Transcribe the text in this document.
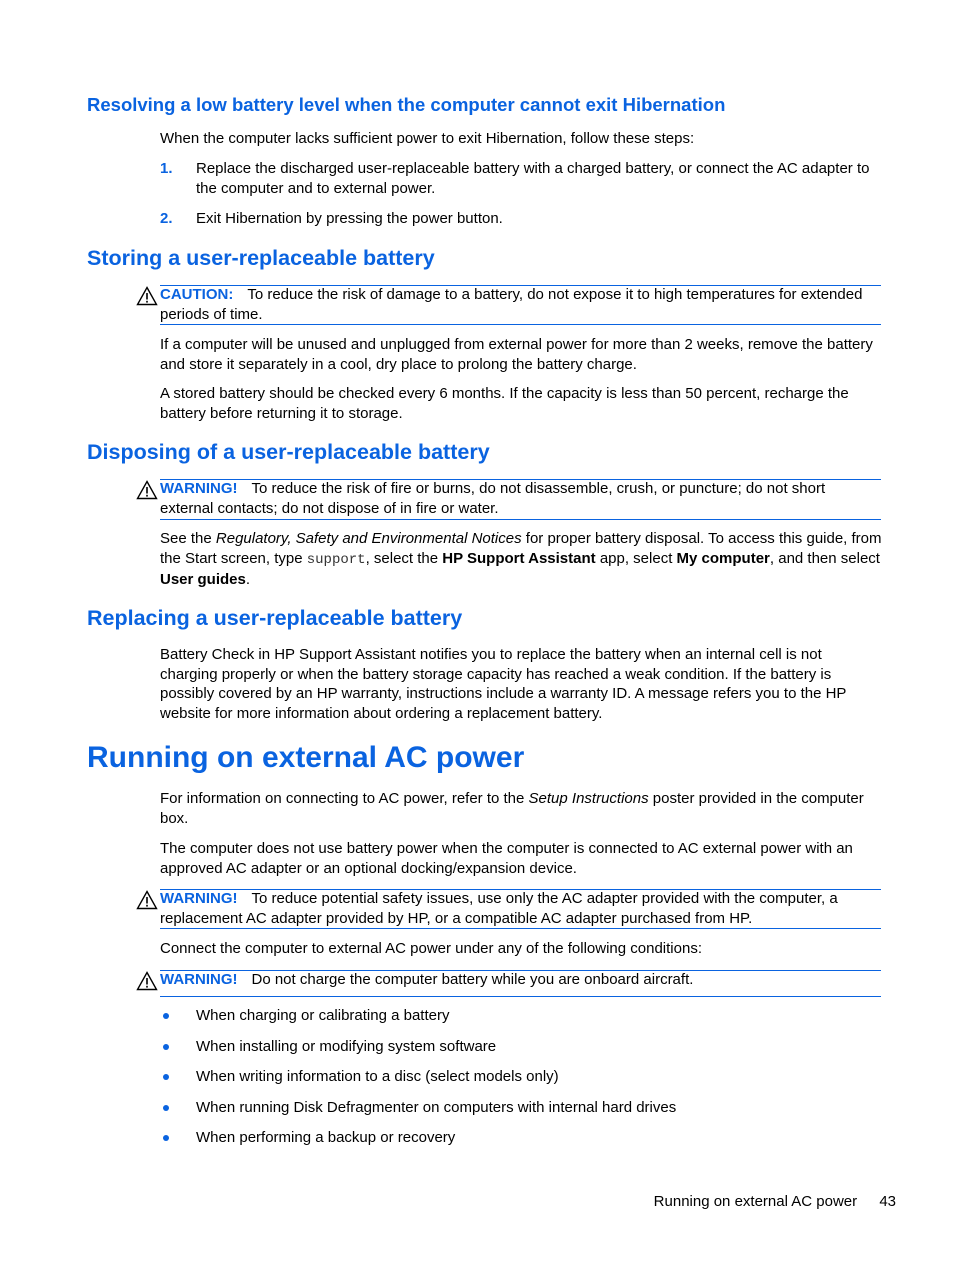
Resolving a low battery level when the computer cannot exit Hibernation
When the computer lacks sufficient power to exit Hibernation, follow these steps:
1. Replace the discharged user-replaceable battery with a charged battery, or connect the AC adapter to the computer and to external power.
2. Exit Hibernation by pressing the power button.
Storing a user-replaceable battery
CAUTION: To reduce the risk of damage to a battery, do not expose it to high temperatures for extended periods of time.
If a computer will be unused and unplugged from external power for more than 2 weeks, remove the battery and store it separately in a cool, dry place to prolong the battery charge.
A stored battery should be checked every 6 months. If the capacity is less than 50 percent, recharge the battery before returning it to storage.
Disposing of a user-replaceable battery
WARNING! To reduce the risk of fire or burns, do not disassemble, crush, or puncture; do not short external contacts; do not dispose of in fire or water.
See the Regulatory, Safety and Environmental Notices for proper battery disposal. To access this guide, from the Start screen, type support, select the HP Support Assistant app, select My computer, and then select User guides.
Replacing a user-replaceable battery
Battery Check in HP Support Assistant notifies you to replace the battery when an internal cell is not charging properly or when the battery storage capacity has reached a weak condition. If the battery is possibly covered by an HP warranty, instructions include a warranty ID. A message refers you to the HP website for more information about ordering a replacement battery.
Running on external AC power
For information on connecting to AC power, refer to the Setup Instructions poster provided in the computer box.
The computer does not use battery power when the computer is connected to AC external power with an approved AC adapter or an optional docking/expansion device.
WARNING! To reduce potential safety issues, use only the AC adapter provided with the computer, a replacement AC adapter provided by HP, or a compatible AC adapter purchased from HP.
Connect the computer to external AC power under any of the following conditions:
WARNING! Do not charge the computer battery while you are onboard aircraft.
When charging or calibrating a battery
When installing or modifying system software
When writing information to a disc (select models only)
When running Disk Defragmenter on computers with internal hard drives
When performing a backup or recovery
Running on external AC power 43
